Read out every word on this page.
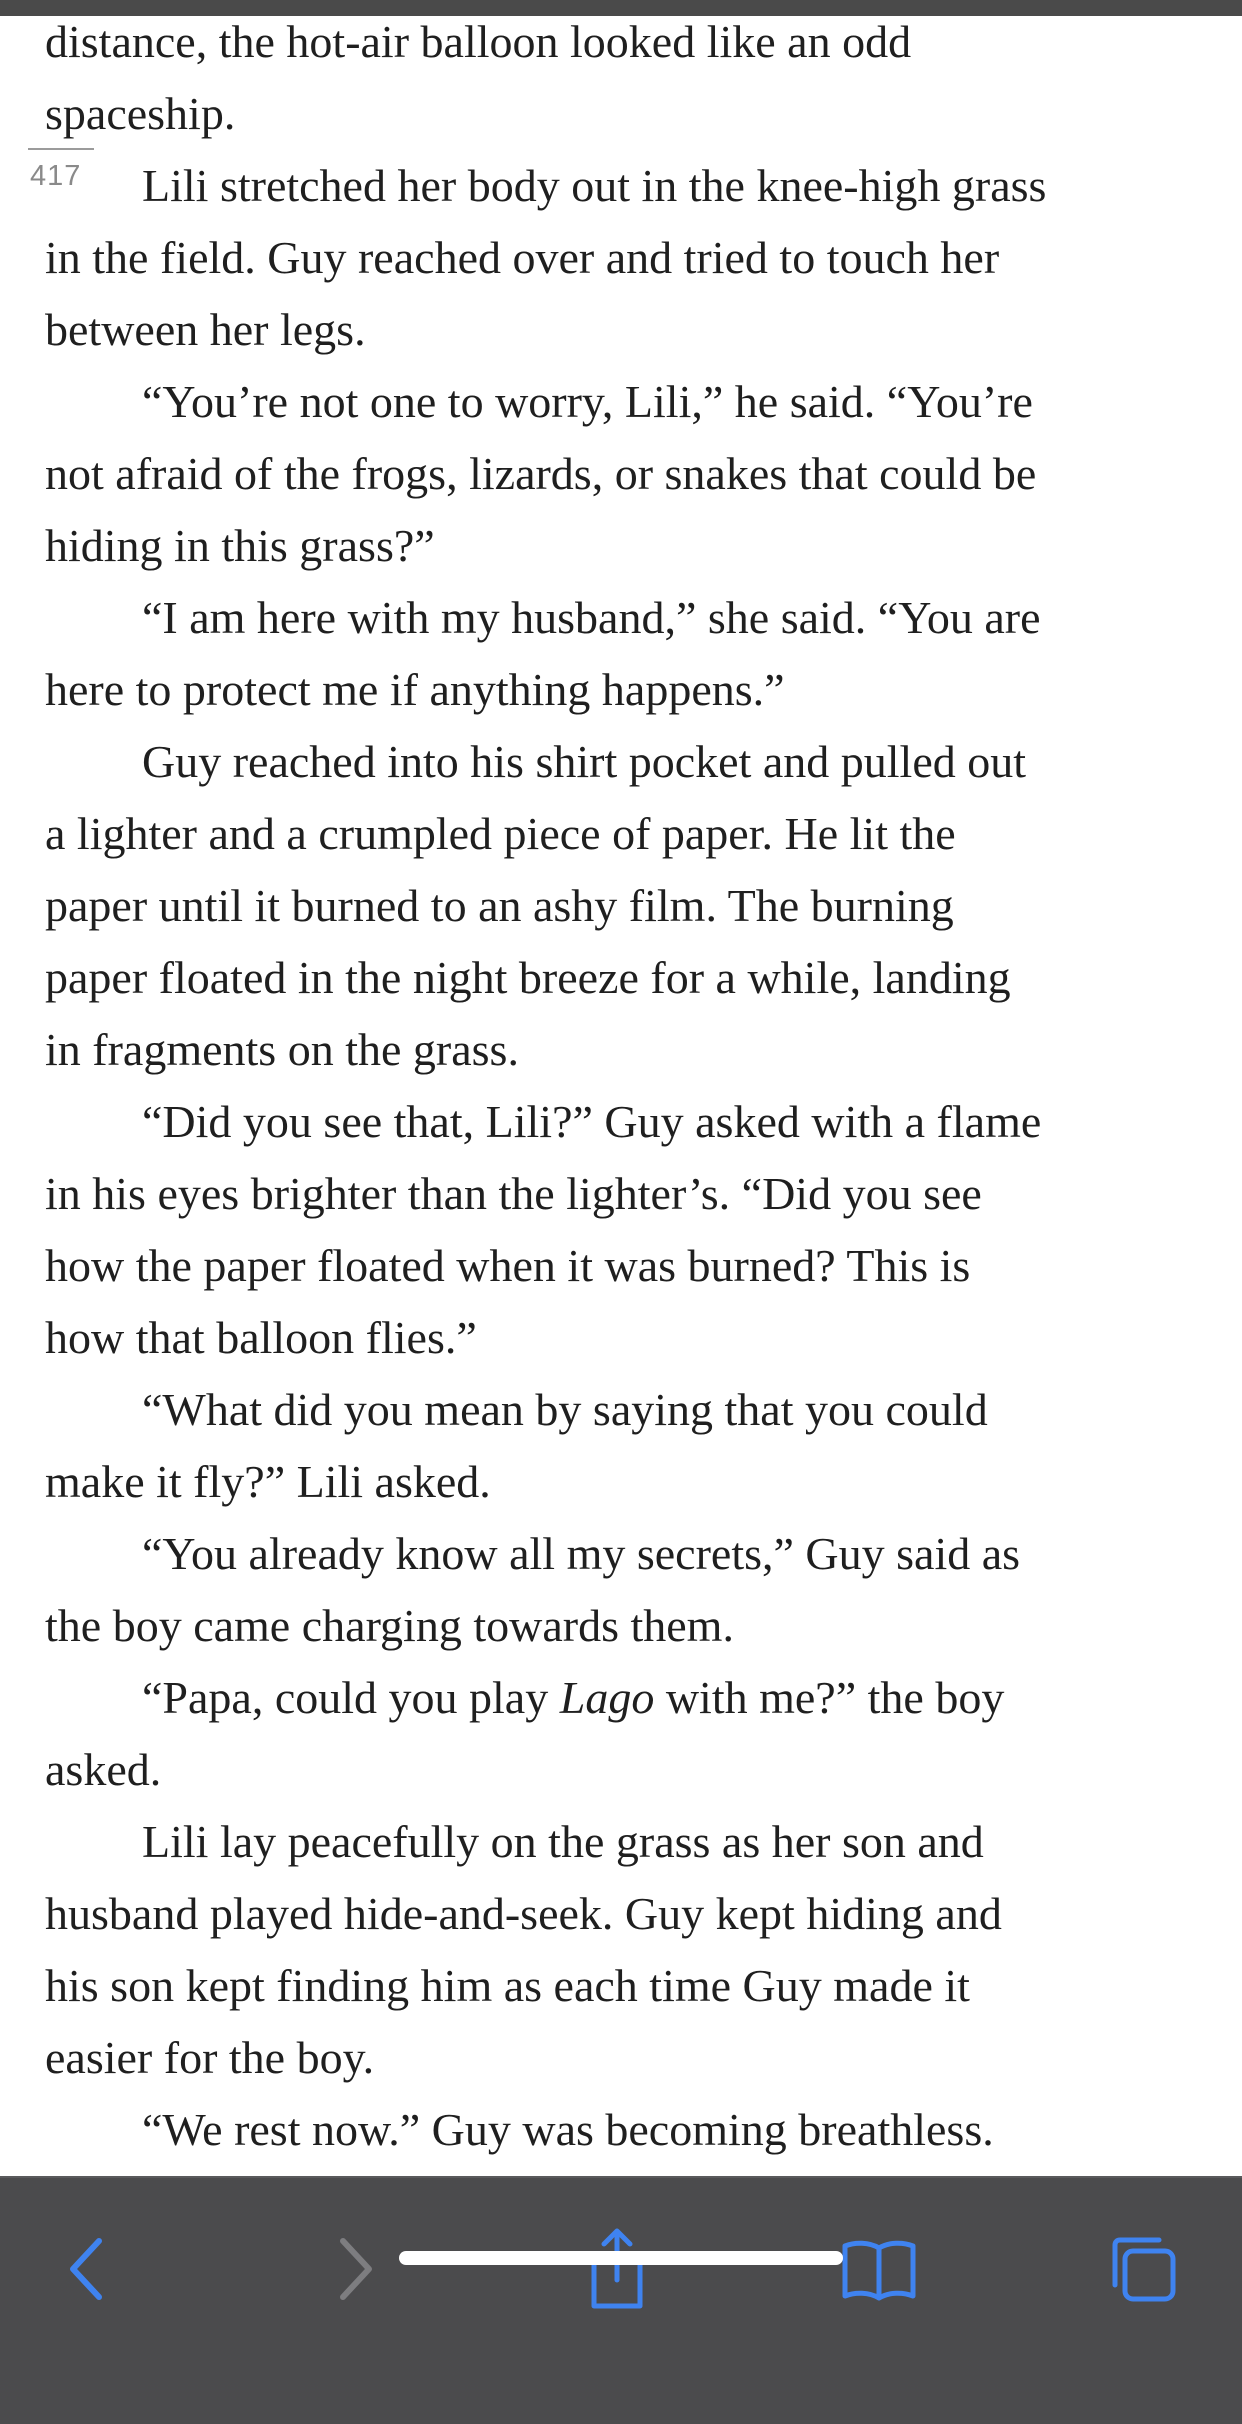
distance, the hot-air balloon looked like an odd
spaceship.

Lili stretched her body out in the knee-high grass
in the field. Guy reached over and tried to touch her
between her legs.

“You’re not one to worry, Lili,” he said. “You’re
not afraid of the frogs, lizards, or snakes that could be
hiding in this grass?”

“I am here with my husband,” she said. “You are
here to protect me if anything happens.”

Guy reached into his shirt pocket and pulled out
a lighter and a crumpled piece of paper. He lit the
paper until it burned to an ashy film. The burning
paper floated in the night breeze for a while, landing
in fragments on the grass.

“Did you see that, Lili?” Guy asked with a flame
in his eyes brighter than the lighter’s. “Did you see
how the paper floated when it was burned? This is
how that balloon flies.”

“What did you mean by saying that you could
make it fly?” Lili asked.

“You already know all my secrets,” Guy said as
the boy came charging towards them.

“Papa, could you play Lago with me?” the boy
asked.

Lili lay peacefully on the grass as her son and
husband played hide-and-seek. Guy kept hiding and
his son kept finding him as each time Guy made it
easier for the boy.

“We rest now.” Guy was becoming breathless.

417
